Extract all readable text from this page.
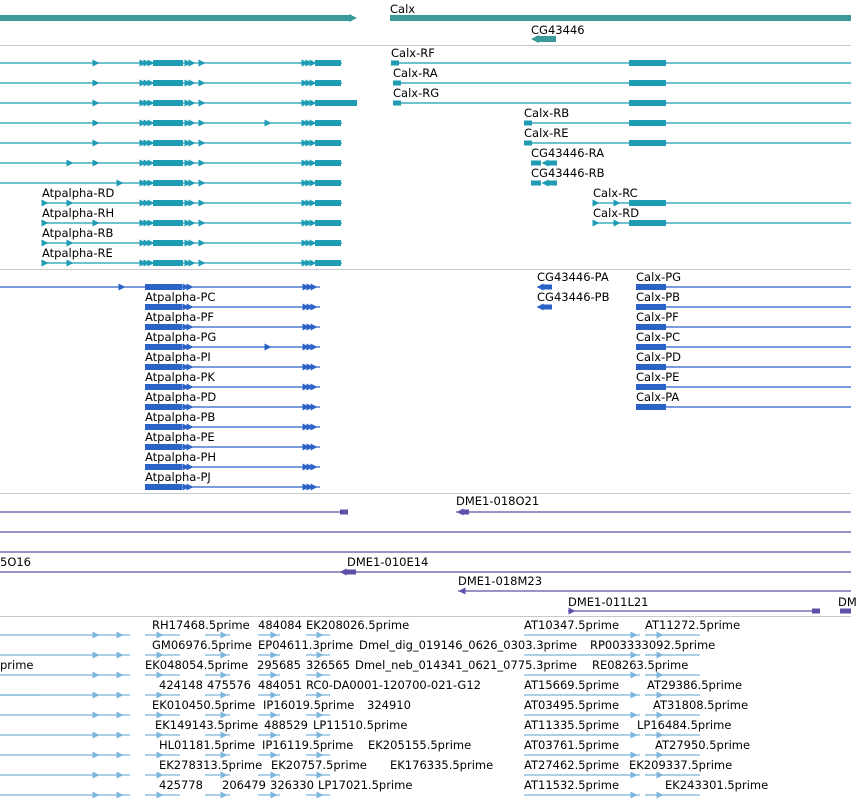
Calx
CG43446
Calx-RF
Calx-RA
Calx-RG
Calx-RB
Calx-RE
CG43446-RA
CG43446-RB
Calx-RC
Calx-RD
Atpalpha-RD
Atpalpha-RH
Atpalpha-RB
Atpalpha-RE
CG43446-PA
CG43446-PB
Calx-PG
Calx-PB
Calx-PF
Calx-PC
Calx-PD
Calx-PE
Calx-PA
Atpalpha-PC
Atpalpha-PF
Atpalpha-PG
Atpalpha-PI
Atpalpha-PK
Atpalpha-PD
Atpalpha-PB
Atpalpha-PE
Atpalpha-PH
Atpalpha-PJ
DME1-018O21
5O16	DME1-010E14
DME1-018M23
DME1-011L21	DM
RH17468.5prime 484084 EK208026.5prime	AT10347.5prime AT11272.5prime
GM06976.5prime EP04611.3prime Dmel_dig_019146_0626_0303.3prime RP003333092.5prime
prime	EK048054.5prime 295685 326565 Dmel_neb_014341_0621_0775.3prime RE08263.5prime
424148 475576 484051 RC0-DA0001-120700-021-G12	AT15669.5prime AT29386.5prime
EK010450.5prime IP16019.5prime 324910	AT03495.5prime	AT31808.5prime
EK149143.5prime 488529 LP11510.5prime	AT11335.5prime LP16484.5prime
HL01181.5prime IP16119.5prime EK205155.5prime	AT03761.5prime	AT27950.5prime
EK278313.5prime EK20757.5prime EK176335.5prime	AT27462.5prime EK209337.5prime
425778 206479 326330 LP17021.5prime	AT11532.5prime	EK243301.5prime
